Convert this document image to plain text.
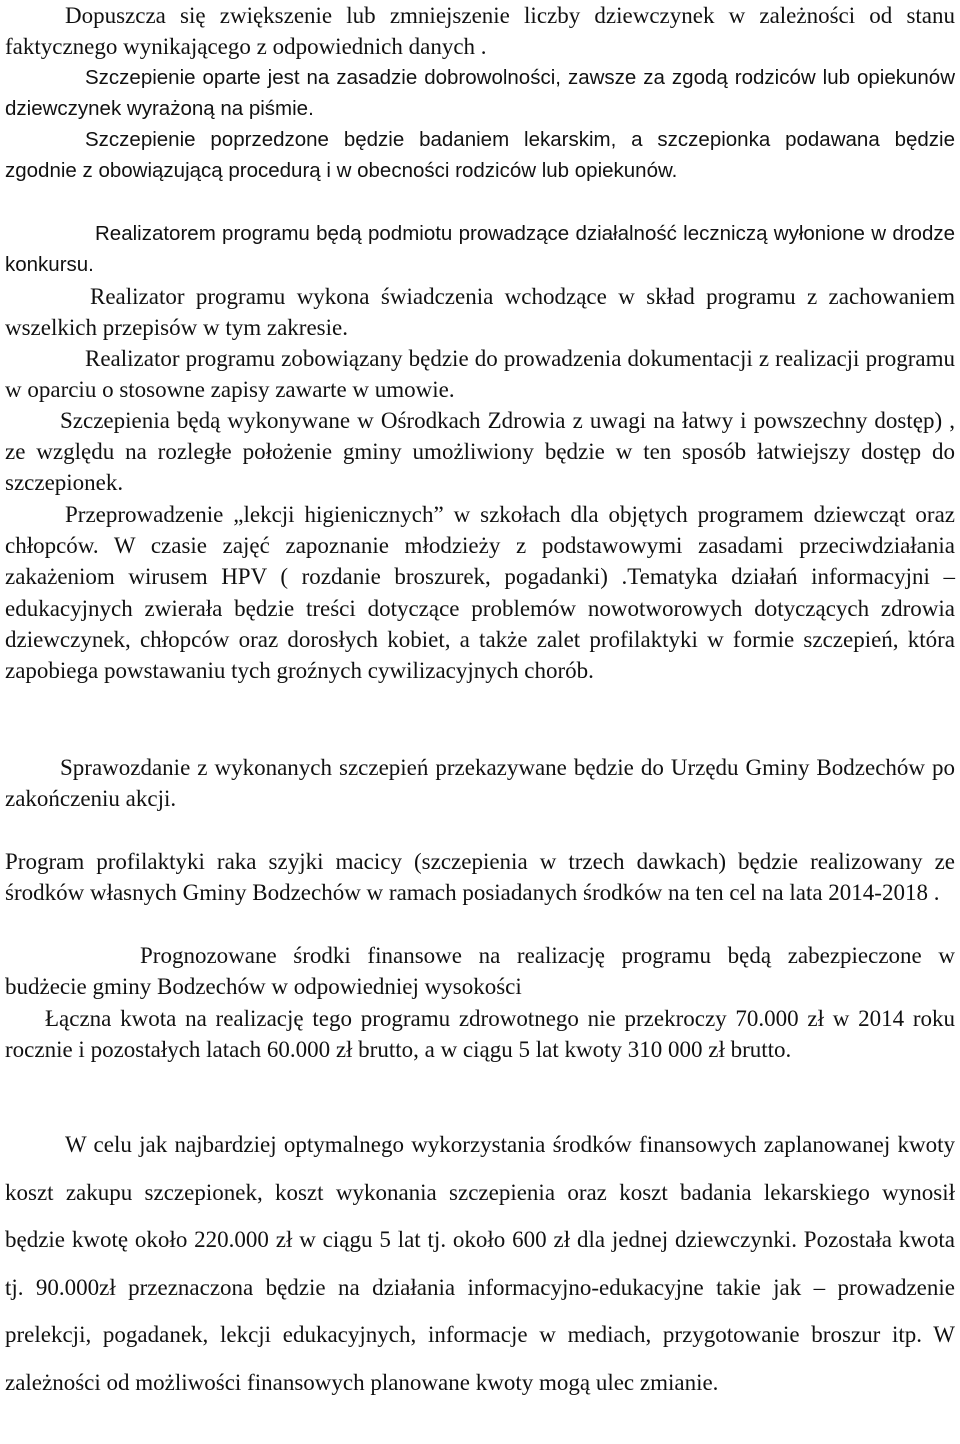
Dopuszcza się zwiększenie lub zmniejszenie liczby dziewczynek w zależności od stanu faktycznego wynikającego z odpowiednich danych .

Szczepienie oparte jest na zasadzie dobrowolności, zawsze za zgodą rodziców lub opiekunów dziewczynek wyrażoną na piśmie.

Szczepienie poprzedzone będzie badaniem lekarskim, a szczepionka podawana będzie zgodnie z obowiązującą procedurą i w obecności rodziców lub opiekunów.

Realizatorem programu będą podmiotu prowadzące działalność leczniczą wyłonione w drodze konkursu.

Realizator programu wykona świadczenia wchodzące w skład programu z zachowaniem wszelkich przepisów w tym zakresie.

Realizator programu zobowiązany będzie do prowadzenia dokumentacji z realizacji programu w oparciu o stosowne zapisy zawarte w umowie.

Szczepienia będą wykonywane w Ośrodkach Zdrowia z uwagi na łatwy i powszechny dostęp) , ze względu na rozległe położenie gminy umożliwiony będzie w ten sposób łatwiejszy dostęp do szczepionek.

Przeprowadzenie „lekcji higienicznych” w szkołach dla objętych programem dziewcząt oraz chłopców. W czasie zajęć zapoznanie młodzieży z podstawowymi zasadami przeciwdziałania zakażeniom wirusem HPV ( rozdanie broszurek, pogadanki) .Tematyka działań informacyjni – edukacyjnych zwierała będzie treści dotyczące problemów nowotworowych dotyczących zdrowia dziewczynek, chłopców oraz dorosłych kobiet, a także zalet profilaktyki w formie szczepień, która zapobiega powstawaniu tych groźnych cywilizacyjnych chorób.

Sprawozdanie z wykonanych szczepień przekazywane będzie do Urzędu Gminy Bodzechów po zakończeniu akcji.

Program profilaktyki raka szyjki macicy (szczepienia w trzech dawkach) będzie realizowany ze środków własnych Gminy Bodzechów w ramach posiadanych środków na ten cel na lata 2014-2018 .

Prognozowane środki finansowe na realizację programu będą zabezpieczone w budżecie gminy Bodzechów w odpowiedniej wysokości

Łączna kwota na realizację tego programu zdrowotnego nie przekroczy 70.000 zł w 2014 roku rocznie i pozostałych latach 60.000 zł brutto, a w ciągu 5 lat kwoty 310 000 zł brutto.

W celu jak najbardziej optymalnego wykorzystania środków finansowych zaplanowanej kwoty koszt zakupu szczepionek, koszt wykonania szczepienia oraz koszt badania lekarskiego wynosił będzie kwotę około 220.000 zł w ciągu 5 lat tj. około 600 zł dla jednej dziewczynki. Pozostała kwota tj. 90.000zł przeznaczona będzie na działania informacyjno-edukacyjne takie jak – prowadzenie prelekcji, pogadanek, lekcji edukacyjnych, informacje w mediach, przygotowanie broszur itp. W zależności od możliwości finansowych planowane kwoty mogą ulec zmianie.
